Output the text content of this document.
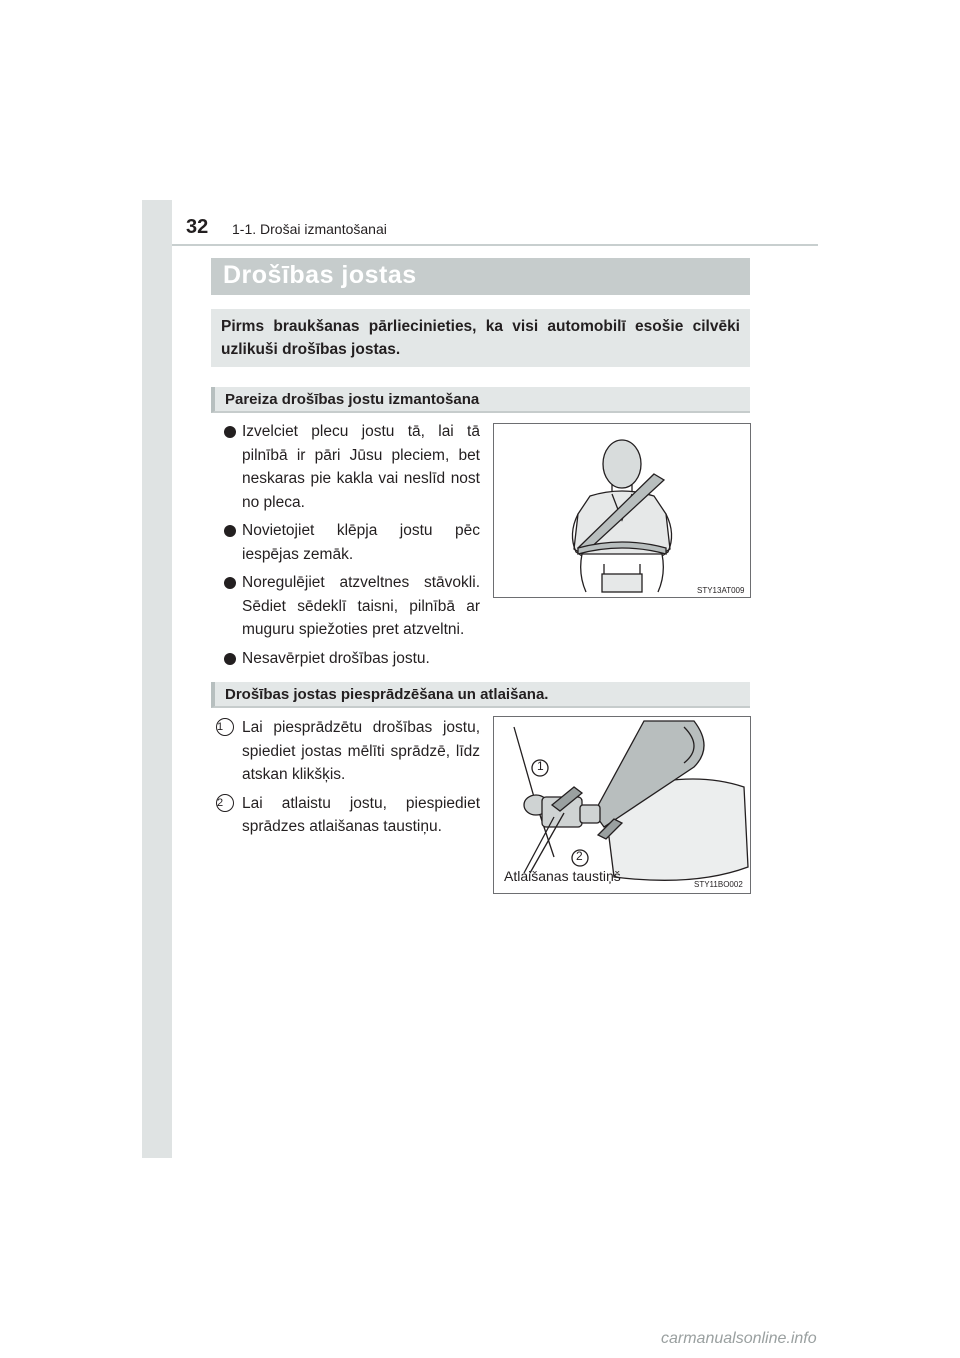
32 1-1. Drošai izmantošanai
Drošības jostas

Pirms braukšanas pārliecinieties, ka visi automobilī esošie cilvēki uzlikuši drošības jostas.

Pareiza drošības jostu izmantošana
Izvelciet plecu jostu tā, lai tā pilnībā ir pāri Jūsu pleciem, bet neskaras pie kakla vai neslīd nost no pleca.
Novietojiet klēpja jostu pēc iespējas zemāk.
Noregulējiet atzveltnes stāvokli. Sēdiet sēdeklī taisni, pilnībā ar muguru spiežoties pret atzveltni.
Nesavērpiet drošības jostu.
STY13AT009
Drošības jostas piesprādzēšana un atlaišana.
1	Lai piesprādzētu drošības jostu, spiediet jostas mēlīti sprādzē, līdz atskan klikšķis.
2	Lai atlaistu jostu, piespiediet sprādzes atlaišanas taustiņu.
1
2
Atlaišanas taustiņš
STY11BO002
carmanualsonline.info
